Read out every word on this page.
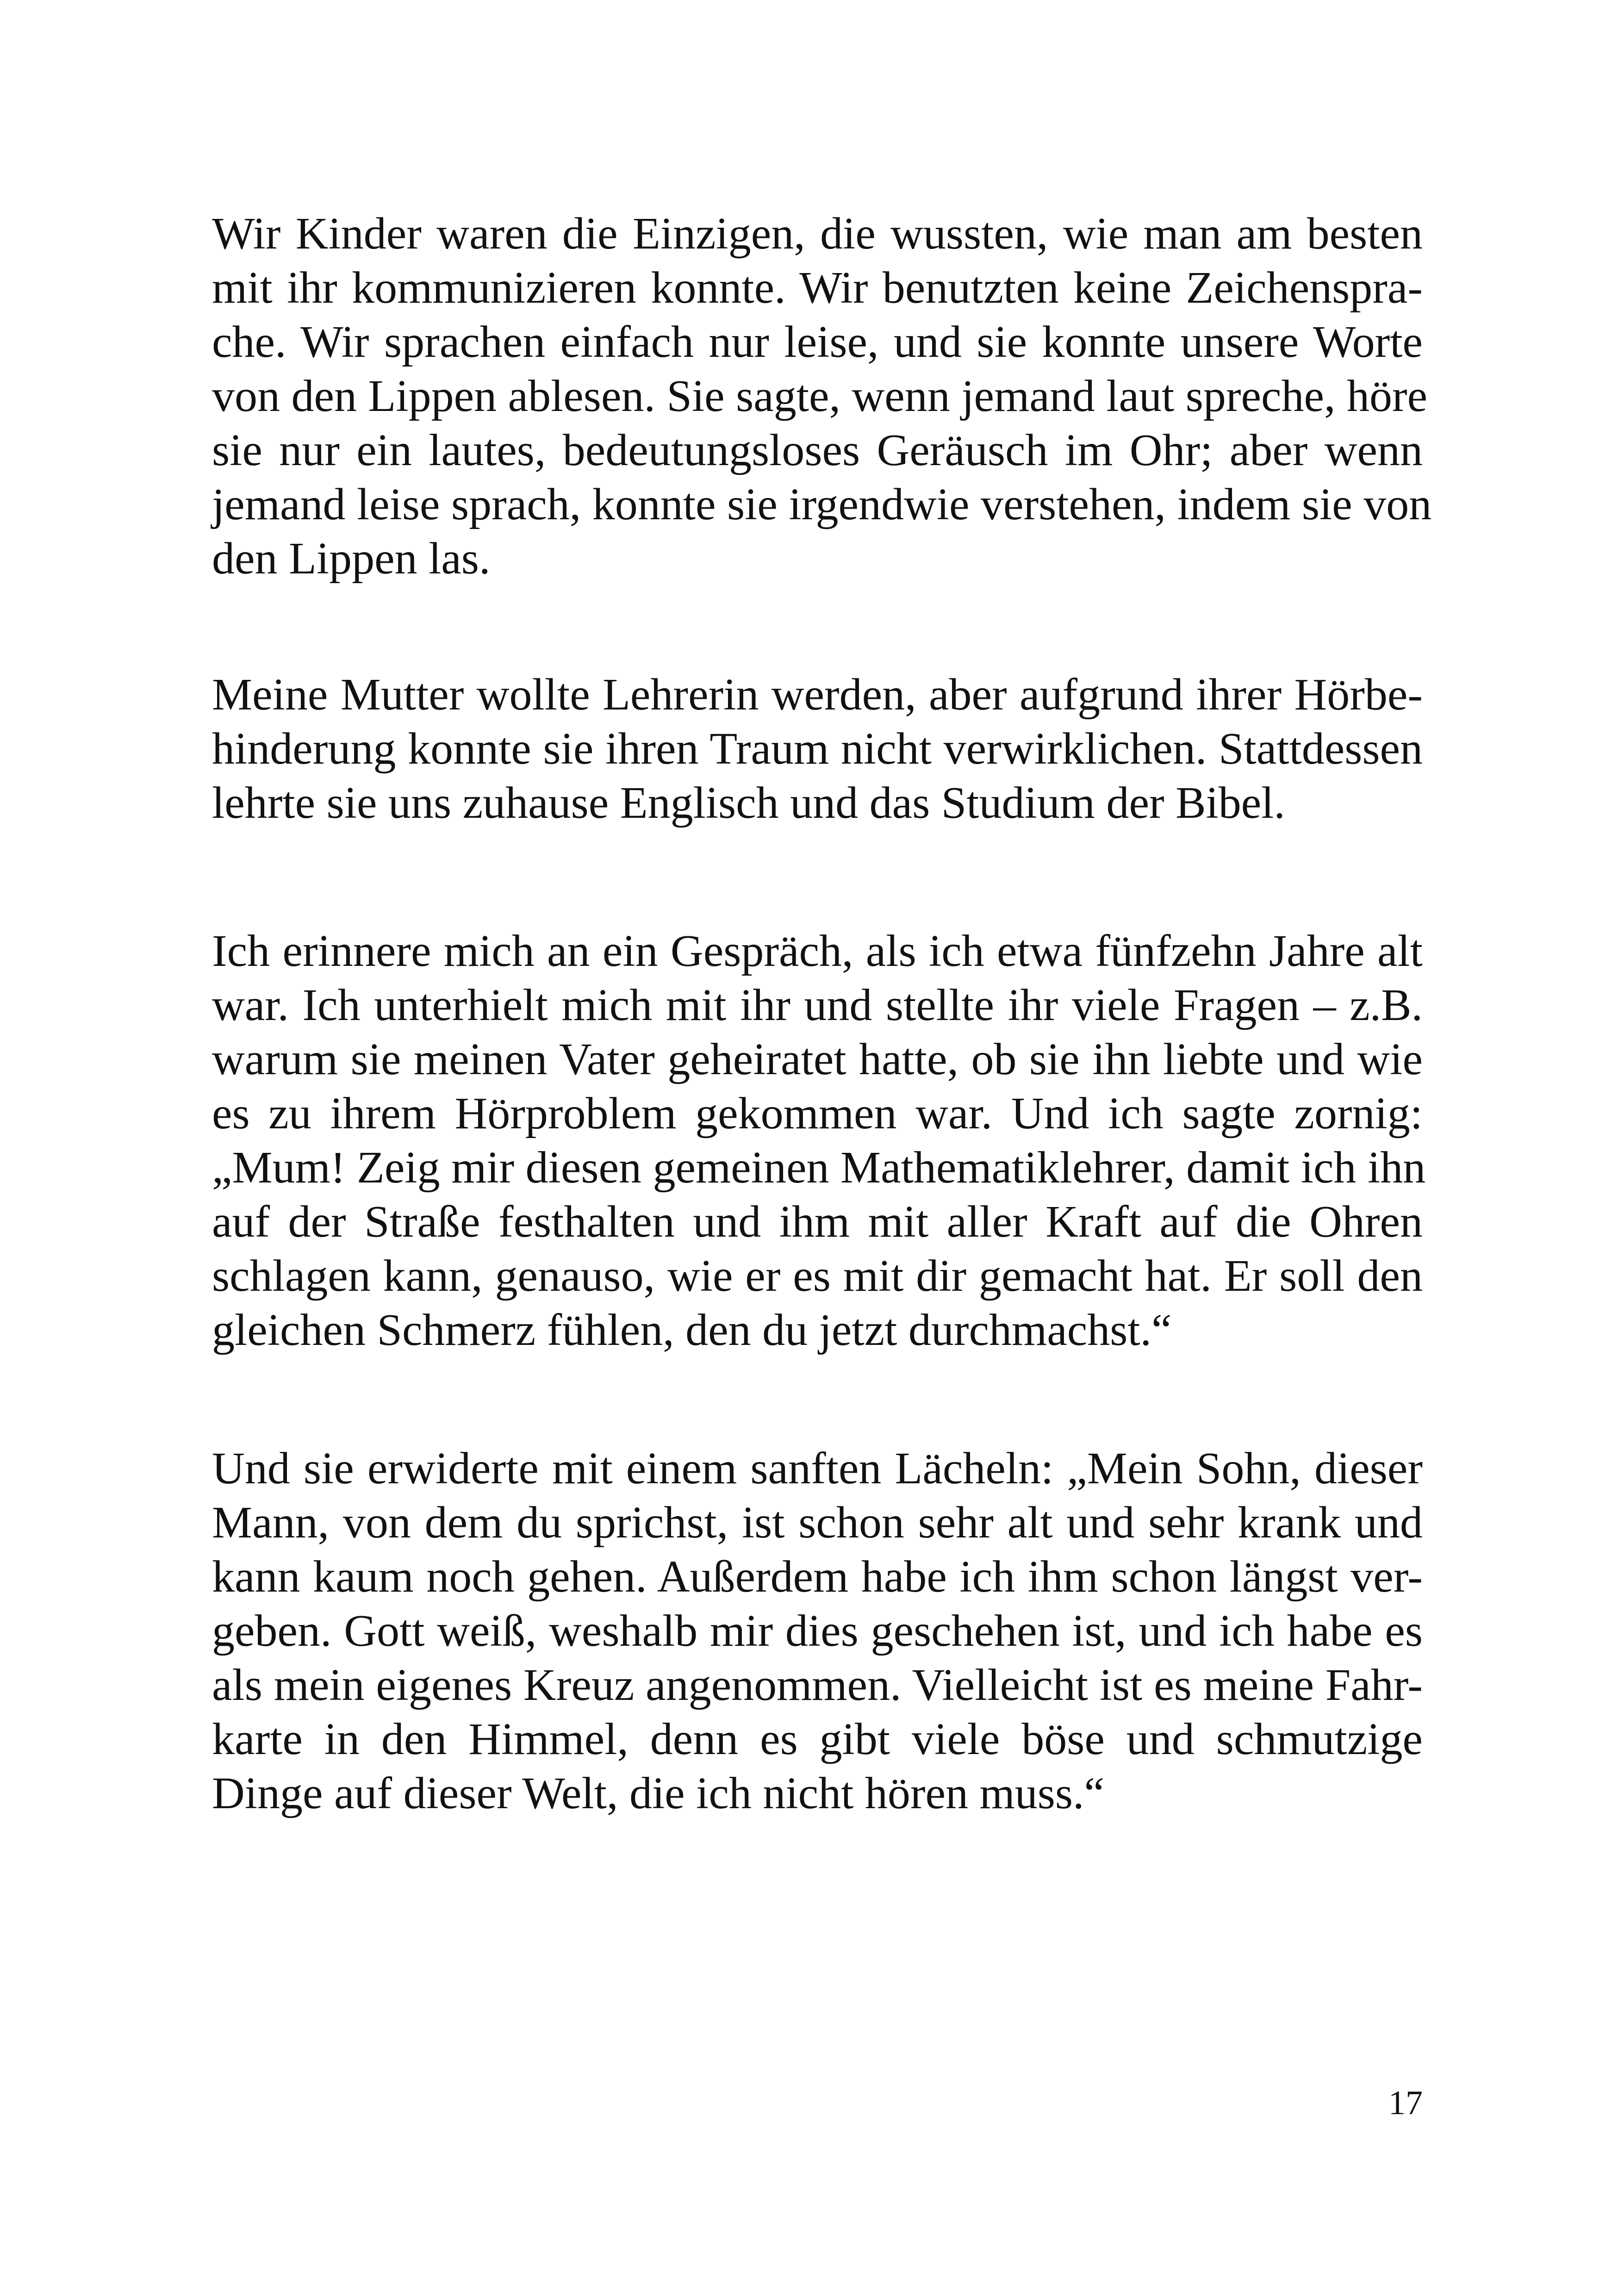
Wir Kinder waren die Einzigen, die wussten, wie man am besten
mit ihr kommunizieren konnte. Wir benutzten keine Zeichenspra-
che. Wir sprachen einfach nur leise, und sie konnte unsere Worte
von den Lippen ablesen. Sie sagte, wenn jemand laut spreche, höre
sie nur ein lautes, bedeutungsloses Geräusch im Ohr; aber wenn
jemand leise sprach, konnte sie irgendwie verstehen, indem sie von
den Lippen las.
Meine Mutter wollte Lehrerin werden, aber aufgrund ihrer Hörbe-
hinderung konnte sie ihren Traum nicht verwirklichen. Stattdessen
lehrte sie uns zuhause Englisch und das Studium der Bibel.
Ich erinnere mich an ein Gespräch, als ich etwa fünfzehn Jahre alt
war. Ich unterhielt mich mit ihr und stellte ihr viele Fragen – z.B.
warum sie meinen Vater geheiratet hatte, ob sie ihn liebte und wie
es zu ihrem Hörproblem gekommen war. Und ich sagte zornig:
„Mum! Zeig mir diesen gemeinen Mathematiklehrer, damit ich ihn
auf der Straße festhalten und ihm mit aller Kraft auf die Ohren
schlagen kann, genauso, wie er es mit dir gemacht hat. Er soll den
gleichen Schmerz fühlen, den du jetzt durchmachst.“
Und sie erwiderte mit einem sanften Lächeln: „Mein Sohn, dieser
Mann, von dem du sprichst, ist schon sehr alt und sehr krank und
kann kaum noch gehen. Außerdem habe ich ihm schon längst ver-
geben. Gott weiß, weshalb mir dies geschehen ist, und ich habe es
als mein eigenes Kreuz angenommen. Vielleicht ist es meine Fahr-
karte in den Himmel, denn es gibt viele böse und schmutzige
Dinge auf dieser Welt, die ich nicht hören muss.“
17
